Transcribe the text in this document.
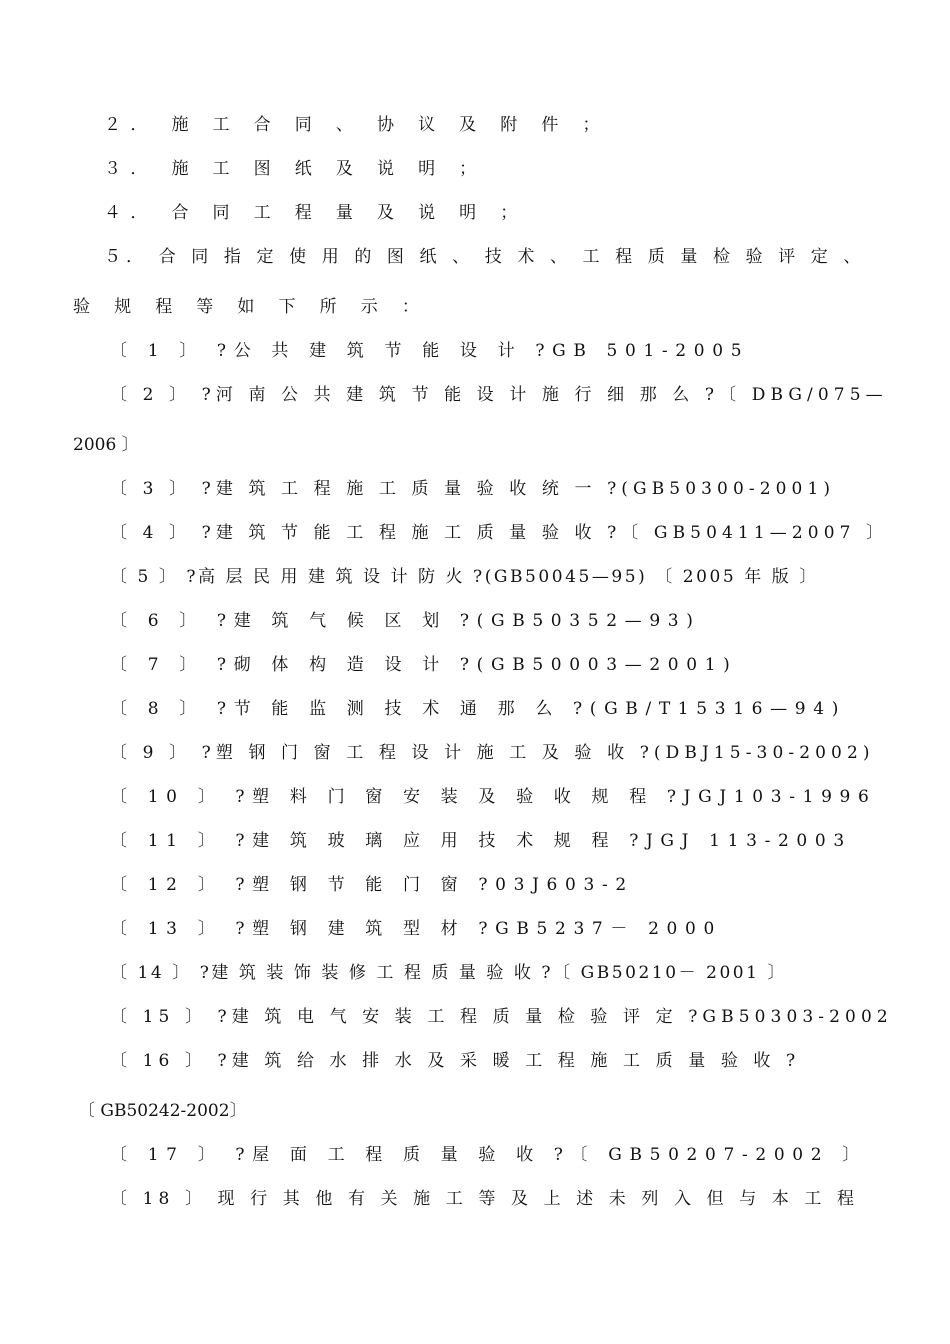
２． 施 工 合 同 、 协 议 及 附 件 ；
３． 施 工 图 纸 及 说 明 ；
４． 合 同 工 程 量 及 说 明 ；
５． 合 同 指 定 使 用 的 图 纸 、 技 术 、 工 程 质 量 检 验 评 定 、
验 规 程 等 如 下 所 示 ：
〔 1 〕 ?公 共 建 筑 节 能 设 计 ?GB 501-2005
〔 2 〕 ?河 南 公 共 建 筑 节 能 设 计 施 行 细 那 么 ?〔 DBG/075—
2006 〕
〔 3 〕 ?建 筑 工 程 施 工 质 量 验 收 统 一 ?(GB50300-2001)
〔 4 〕 ?建 筑 节 能 工 程 施 工 质 量 验 收 ?〔 GB50411—2007 〕
〔 5 〕 ?高 层 民 用 建 筑 设 计 防 火 ?(GB50045—95) 〔 2005 年 版 〕
〔 6 〕 ?建 筑 气 候 区 划 ?(GB50352—93)
〔 7 〕 ?砌 体 构 造 设 计 ?(GB50003—2001)
〔 8 〕 ?节 能 监 测 技 术 通 那 么 ?(GB/T15316—94)
〔 9 〕 ?塑 钢 门 窗 工 程 设 计 施 工 及 验 收 ?(DBJ15-30-2002)
〔 10 〕 ?塑 料 门 窗 安 装 及 验 收 规 程 ?JGJ103-1996
〔 11 〕 ?建 筑 玻 璃 应 用 技 术 规 程 ?JGJ 113-2003
〔 12 〕 ?塑 钢 节 能 门 窗 ?03J603-2
〔 13 〕 ?塑 钢 建 筑 型 材 ?GB5237－ 2000
〔 14 〕 ?建 筑 装 饰 装 修 工 程 质 量 验 收 ?〔 GB50210－ 2001 〕
〔 15 〕 ?建 筑 电 气 安 装 工 程 质 量 检 验 评 定 ?GB50303-2002
〔 16 〕 ?建 筑 给 水 排 水 及 采 暖 工 程 施 工 质 量 验 收 ?
〔 GB50242-2002〕
〔 17 〕 ?屋 面 工 程 质 量 验 收 ?〔 GB50207-2002 〕
〔 18 〕 现 行 其 他 有 关 施 工 等 及 上 述 未 列 入 但 与 本 工 程
